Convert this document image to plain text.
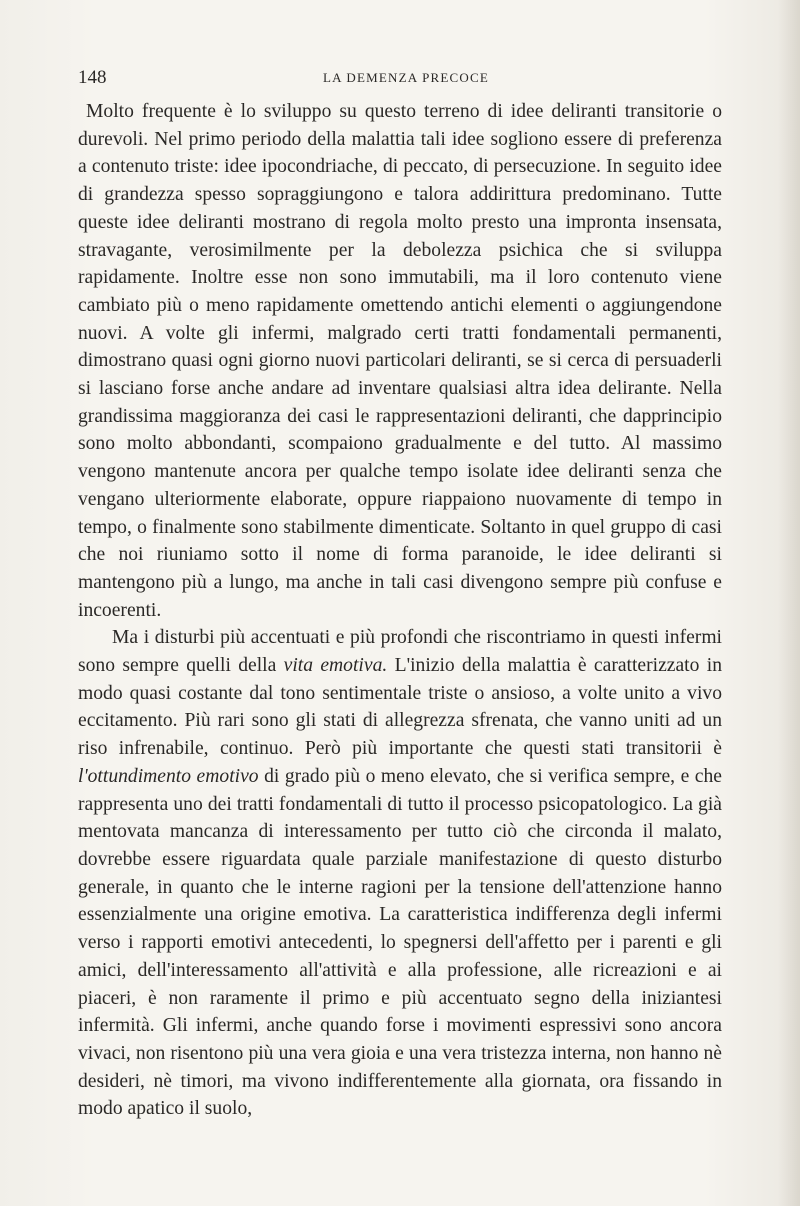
148	LA DEMENZA PRECOCE

Molto frequente è lo sviluppo su questo terreno di idee deliranti transitorie o durevoli. Nel primo periodo della malattia tali idee sogliono essere di preferenza a contenuto triste: idee ipocondriache, di peccato, di persecuzione. In seguito idee di grandezza spesso sopraggiungono e talora addirittura predominano. Tutte queste idee deliranti mostrano di regola molto presto una impronta insensata, stravagante, verosimilmente per la debolezza psichica che si sviluppa rapidamente. Inoltre esse non sono immutabili, ma il loro contenuto viene cambiato più o meno rapidamente omettendo antichi elementi o aggiungendone nuovi. A volte gli infermi, malgrado certi tratti fondamentali permanenti, dimostrano quasi ogni giorno nuovi particolari deliranti, se si cerca di persuaderli si lasciano forse anche andare ad inventare qualsiasi altra idea delirante. Nella grandissima maggioranza dei casi le rappresentazioni deliranti, che dapprincipio sono molto abbondanti, scompaiono gradualmente e del tutto. Al massimo vengono mantenute ancora per qualche tempo isolate idee deliranti senza che vengano ulteriormente elaborate, oppure riappaiono nuovamente di tempo in tempo, o finalmente sono stabilmente dimenticate. Soltanto in quel gruppo di casi che noi riuniamo sotto il nome di forma paranoide, le idee deliranti si mantengono più a lungo, ma anche in tali casi divengono sempre più confuse e incoerenti.

Ma i disturbi più accentuati e più profondi che riscontriamo in questi infermi sono sempre quelli della vita emotiva. L'inizio della malattia è caratterizzato in modo quasi costante dal tono sentimentale triste o ansioso, a volte unito a vivo eccitamento. Più rari sono gli stati di allegrezza sfrenata, che vanno uniti ad un riso infrenabile, continuo. Però più importante che questi stati transitorii è l'ottundimento emotivo di grado più o meno elevato, che si verifica sempre, e che rappresenta uno dei tratti fondamentali di tutto il processo psicopatologico. La già mentovata mancanza di interessamento per tutto ciò che circonda il malato, dovrebbe essere riguardata quale parziale manifestazione di questo disturbo generale, in quanto che le interne ragioni per la tensione dell'attenzione hanno essenzialmente una origine emotiva. La caratteristica indifferenza degli infermi verso i rapporti emotivi antecedenti, lo spegnersi dell'affetto per i parenti e gli amici, dell'interessamento all'attività e alla professione, alle ricreazioni e ai piaceri, è non raramente il primo e più accentuato segno della iniziantesi infermità. Gli infermi, anche quando forse i movimenti espressivi sono ancora vivaci, non risentono più una vera gioia e una vera tristezza interna, non hanno nè desideri, nè timori, ma vivono indifferentemente alla giornata, ora fissando in modo apatico il suolo,
